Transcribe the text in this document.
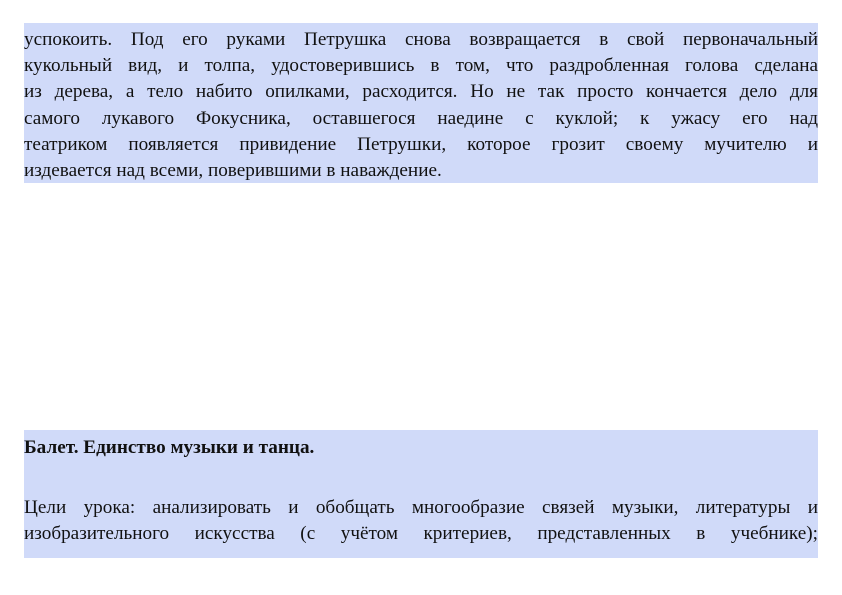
успокоить. Под его руками Петрушка снова возвращается в свой первоначальный
кукольный вид, и толпа, удостоверившись в том, что раздробленная голова сделана
из дерева, а тело набито опилками, расходится. Но не так просто кончается дело для
самого лукавого Фокусника, оставшегося наедине с куклой; к ужасу его над
театриком появляется привидение Петрушки, которое грозит своему мучителю и
издевается над всеми, поверившими в наваждение.

Балет. Единство музыки и танца.

Цели урока: анализировать и обобщать многообразие связей музыки, литературы и
изобразительного искусства (с учётом критериев, представленных в учебнике);
